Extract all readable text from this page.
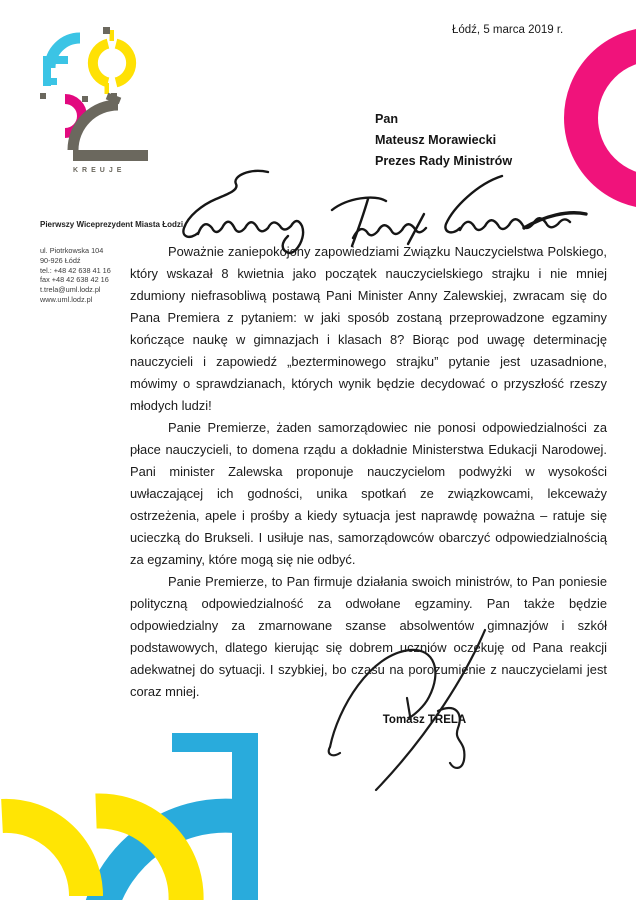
Łódź, 5 marca 2019 r.
KREUJE
Pierwszy Wiceprezydent Miasta Łodzi
ul. Piotrkowska 104
90-926 Łódź
tel.: +48 42 638 41 16
fax +48 42 638 42 16
t.trela@uml.lodz.pl
www.uml.lodz.pl
Pan
Mateusz Morawiecki
Prezes Rady Ministrów

Poważnie zaniepokojony zapowiedziami Związku Nauczycielstwa Polskiego, który wskazał 8 kwietnia jako początek nauczycielskiego strajku i nie mniej zdumiony niefrasobliwą postawą Pani Minister Anny Zalewskiej, zwracam się do Pana Premiera z pytaniem: w jaki sposób zostaną przeprowadzone egzaminy kończące naukę w gimnazjach i klasach 8? Biorąc pod uwagę determinację nauczycieli i zapowiedź „bezterminowego strajku” pytanie jest uzasadnione, mówimy o sprawdzianach, których wynik będzie decydować o przyszłość rzeszy młodych ludzi!

Panie Premierze, żaden samorządowiec nie ponosi odpowiedzialności za płace nauczycieli, to domena rządu a dokładnie Ministerstwa Edukacji Narodowej. Pani minister Zalewska proponuje nauczycielom podwyżki w wysokości uwłaczającej ich godności, unika spotkań ze związkowcami, lekceważy ostrzeżenia, apele i prośby a kiedy sytuacja jest naprawdę poważna – ratuje się ucieczką do Brukseli. I usiłuje nas, samorządowców obarczyć odpowiedzialnością za egzaminy, które mogą się nie odbyć.

Panie Premierze, to Pan firmuje działania swoich ministrów, to Pan poniesie polityczną odpowiedzialność za odwołane egzaminy. Pan także będzie odpowiedzialny za zmarnowane szanse absolwentów gimnazjów i szkół podstawowych, dlatego kierując się dobrem uczniów oczekuję od Pana reakcji adekwatnej do sytuacji. I szybkiej, bo czasu na porozumienie z nauczycielami jest coraz mniej.

Tomasz TRELA
